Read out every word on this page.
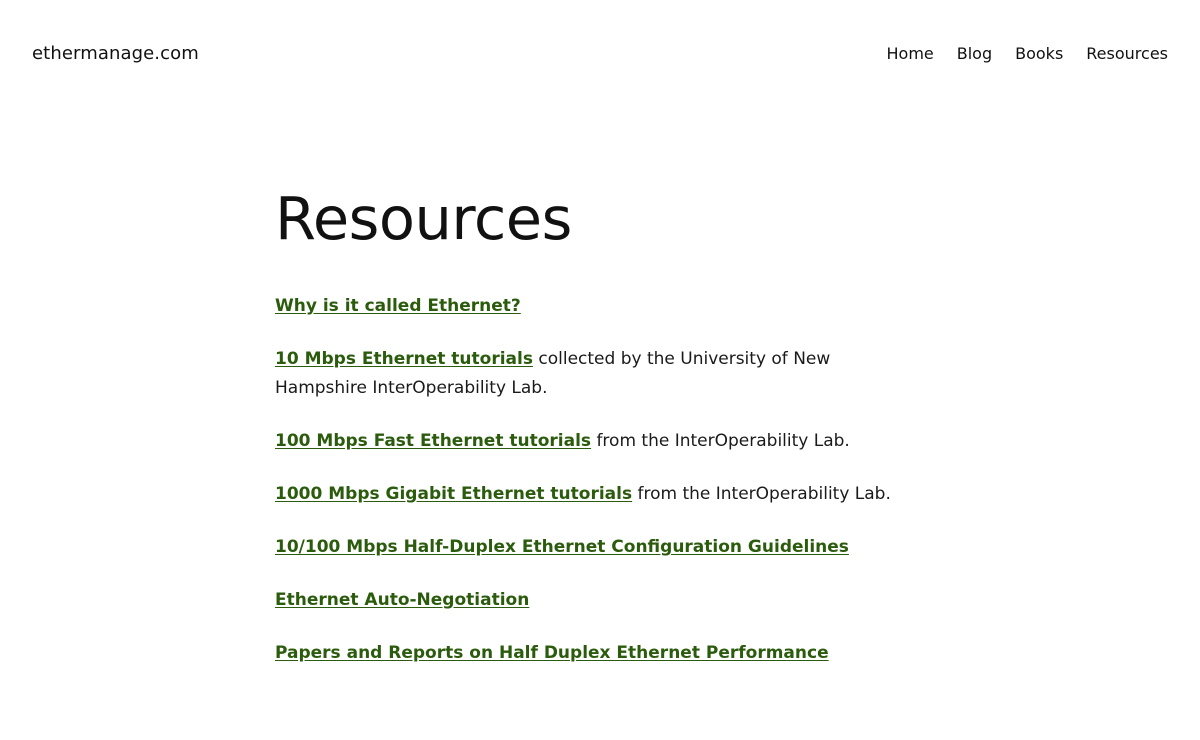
ethermanage.com	Home Blog Books Resources
Resources

Why is it called Ethernet?

10 Mbps Ethernet tutorials collected by the University of New Hampshire InterOperability Lab.

100 Mbps Fast Ethernet tutorials from the InterOperability Lab.

1000 Mbps Gigabit Ethernet tutorials from the InterOperability Lab.

10/100 Mbps Half-Duplex Ethernet Configuration Guidelines

Ethernet Auto-Negotiation

Papers and Reports on Half Duplex Ethernet Performance
